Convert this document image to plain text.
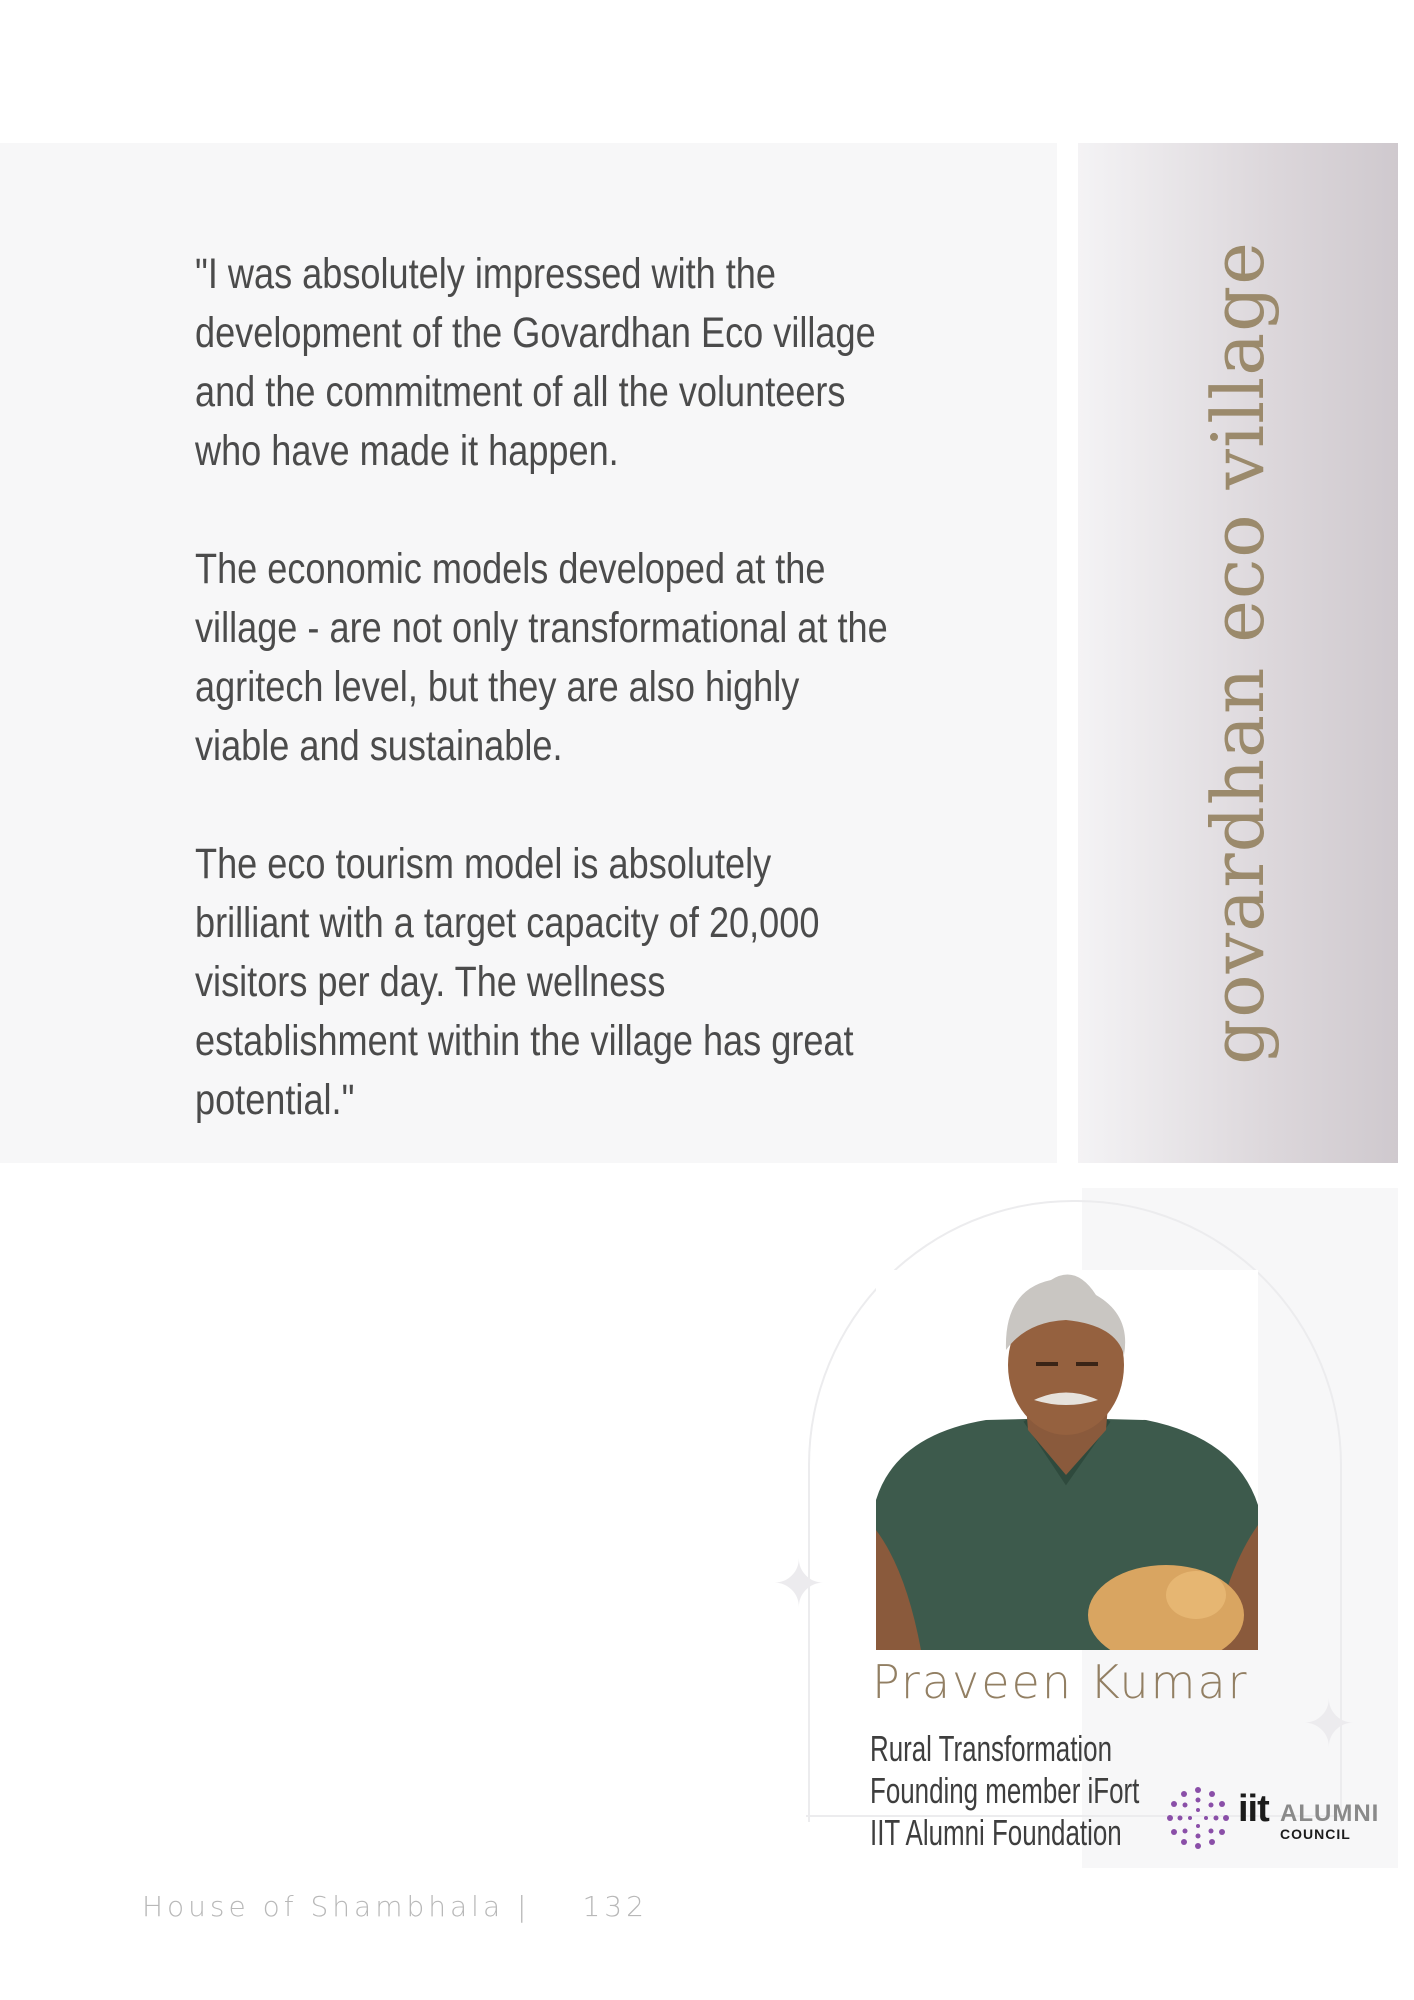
"I was absolutely impressed with the development of the Govardhan Eco village and the commitment of all the volunteers who have made it happen.

The economic models developed at the village - are not only transformational at the agritech level, but they are also highly viable and sustainable.

The eco tourism model is absolutely brilliant with a target capacity of 20,000 visitors per day. The wellness establishment within the village has great potential."

govardhan eco village
✦
✦
Praveen Kumar
Rural Transformation
Founding member iFort
IIT Alumni Foundation
iit ALUMNI
COUNCIL
House of Shambhala | 132
